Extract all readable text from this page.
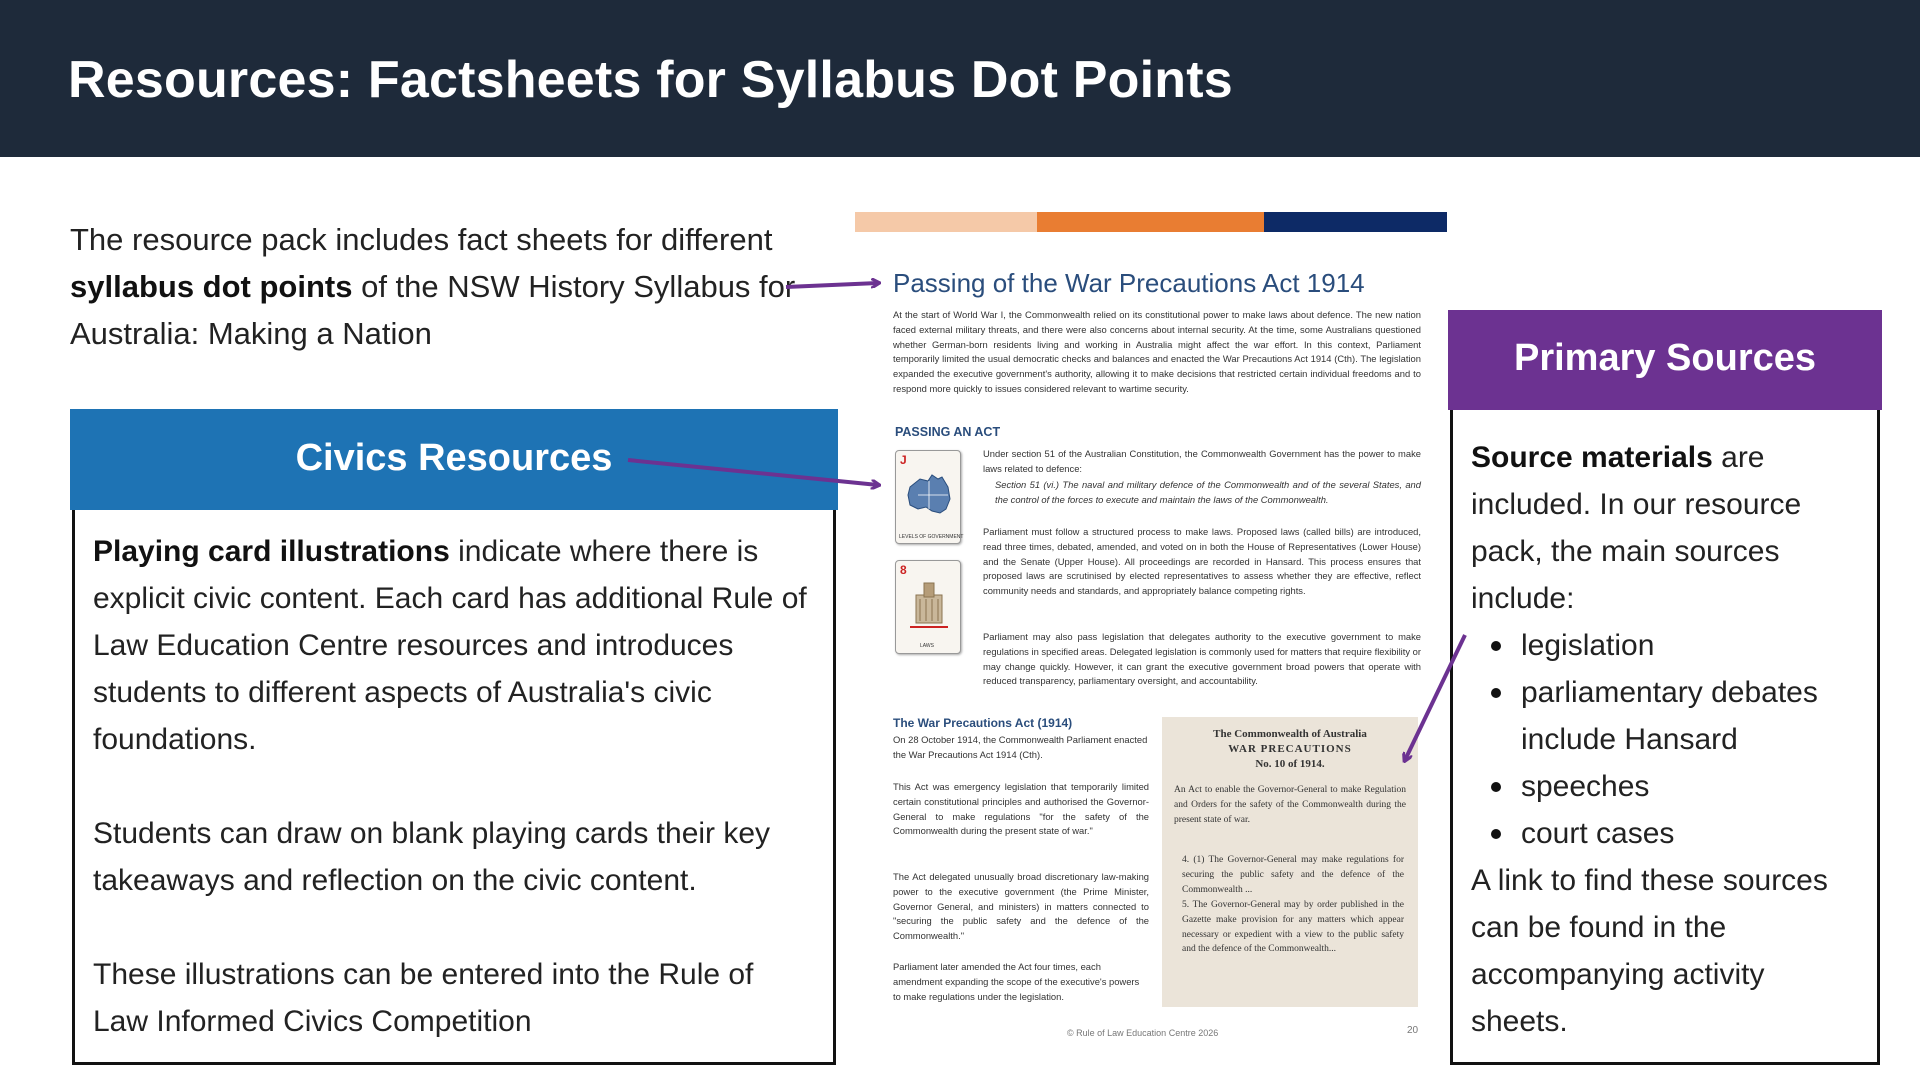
Resources: Factsheets for Syllabus Dot Points
The resource pack includes fact sheets for different
syllabus dot points of the NSW History Syllabus for
Australia: Making a Nation
Civics Resources

Playing card illustrations indicate where there is explicit civic content. Each card has additional Rule of Law Education Centre resources and introduces students to different aspects of Australia's civic foundations.

Students can draw on blank playing cards their key takeaways and reflection on the civic content.

These illustrations can be entered into the Rule of Law Informed Civics Competition

Primary Sources

Source materials are included. In our resource pack, the main sources include:

legislation
parliamentary debates include Hansard
speeches
court cases

A link to find these sources can be found in the accompanying activity sheets.

Passing of the War Precautions Act 1914
At the start of World War I, the Commonwealth relied on its constitutional power to make laws about defence. The new nation faced external military threats, and there were also concerns about internal security. At the time, some Australians questioned whether German-born residents living and working in Australia might affect the war effort. In this context, Parliament temporarily limited the usual democratic checks and balances and enacted the War Precautions Act 1914 (Cth). The legislation expanded the executive government's authority, allowing it to make decisions that restricted certain individual freedoms and to respond more quickly to issues considered relevant to wartime security.
PASSING AN ACT
J
LEVELS OF GOVERNMENT
8
LAWS
Under section 51 of the Australian Constitution, the Commonwealth Government has the power to make laws related to defence:
Section 51 (vi.) The naval and military defence of the Commonwealth and of the several States, and the control of the forces to execute and maintain the laws of the Commonwealth.
Parliament must follow a structured process to make laws. Proposed laws (called bills) are introduced, read three times, debated, amended, and voted on in both the House of Representatives (Lower House) and the Senate (Upper House). All proceedings are recorded in Hansard. This process ensures that proposed laws are scrutinised by elected representatives to assess whether they are effective, reflect community needs and standards, and appropriately balance competing rights.
Parliament may also pass legislation that delegates authority to the executive government to make regulations in specified areas. Delegated legislation is commonly used for matters that require flexibility or may change quickly. However, it can grant the executive government broad powers that operate with reduced transparency, parliamentary oversight, and accountability.
The War Precautions Act (1914)
On 28 October 1914, the Commonwealth Parliament enacted the War Precautions Act 1914 (Cth).
This Act was emergency legislation that temporarily limited certain constitutional principles and authorised the Governor-General to make regulations "for the safety of the Commonwealth during the present state of war."
The Act delegated unusually broad discretionary law-making power to the executive government (the Prime Minister, Governor General, and ministers) in matters connected to "securing the public safety and the defence of the Commonwealth."
Parliament later amended the Act four times, each amendment expanding the scope of the executive's powers to make regulations under the legislation.
The Commonwealth of Australia
WAR PRECAUTIONS
No. 10 of 1914.
An Act to enable the Governor-General to make Regulation and Orders for the safety of the Commonwealth during the present state of war.
4. (1) The Governor-General may make regulations for securing the public safety and the defence of the Commonwealth ...
5. The Governor-General may by order published in the Gazette make provision for any matters which appear necessary or expedient with a view to the public safety and the defence of the Commonwealth...
© Rule of Law Education Centre 2026	20
